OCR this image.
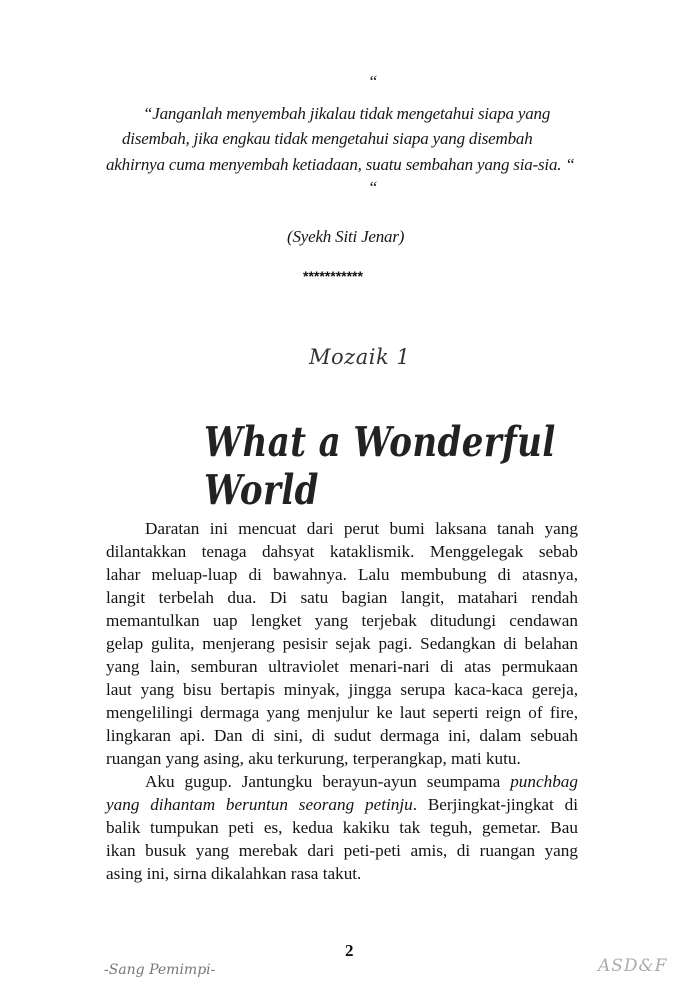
“
“Janganlah menyembah jikalau tidak mengetahui siapa yang
disembah, jika engkau tidak mengetahui siapa yang disembah
akhirnya cuma menyembah ketiadaan, suatu sembahan yang sia-sia. “
“
(Syekh Siti Jenar)
***********
Mozaik 1
What a Wonderful World
Daratan ini mencuat dari perut bumi laksana tanah yang
dilantakkan tenaga dahsyat kataklismik. Menggelegak sebab
lahar meluap-luap di bawahnya. Lalu membubung di atasnya,
langit terbelah dua. Di satu bagian langit, matahari rendah
memantulkan uap lengket yang terjebak ditudungi cendawan
gelap gulita, menjerang pesisir sejak pagi. Sedangkan di belahan
yang lain, semburan ultraviolet menari-nari di atas permukaan
laut yang bisu bertapis minyak, jingga serupa kaca-kaca gereja,
mengelilingi dermaga yang menjulur ke laut seperti reign of fire,
lingkaran api. Dan di sini, di sudut dermaga ini, dalam sebuah
ruangan yang asing, aku terkurung, terperangkap, mati kutu.
Aku gugup. Jantungku berayun-ayun seumpama punchbag
yang dihantam beruntun seorang petinju. Berjingkat-jingkat di
balik tumpukan peti es, kedua kakiku tak teguh, gemetar. Bau
ikan busuk yang merebak dari peti-peti amis, di ruangan yang
asing ini, sirna dikalahkan rasa takut.
2
-Sang Pemimpi-	ASD&F
